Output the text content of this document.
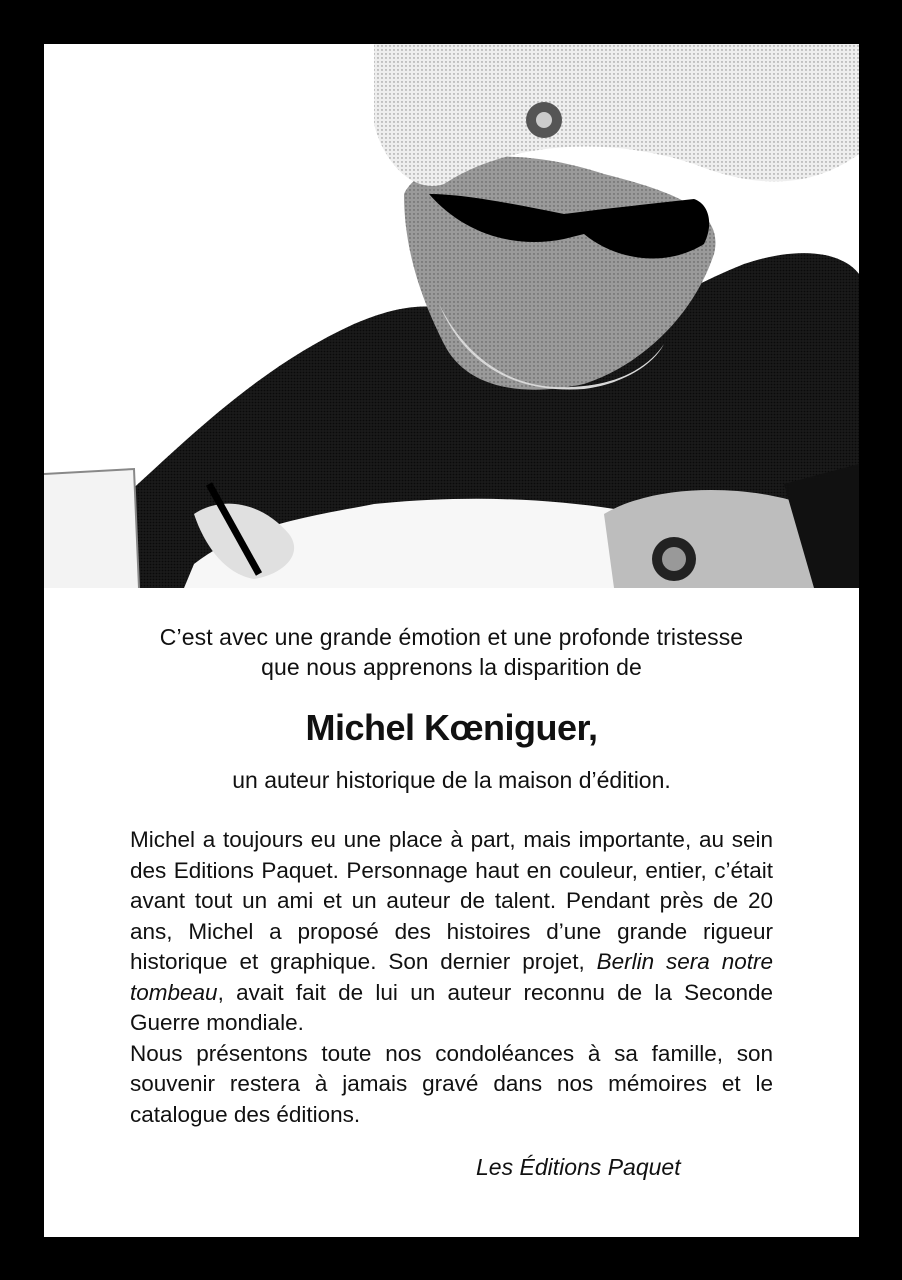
C’est avec une grande émotion et une profonde tristesse

que nous apprenons la disparition de

Michel Kœniguer,

un auteur historique de la maison d’édition.

Michel a toujours eu une place à part, mais importante, au sein des Editions Paquet. Personnage haut en couleur, entier, c’était avant tout un ami et un auteur de talent. Pendant près de 20 ans, Michel a proposé des histoires d’une grande rigueur historique et graphique. Son dernier projet, Berlin sera notre tombeau, avait fait de lui un auteur reconnu de la Seconde Guerre mondiale.

Nous présentons toute nos condoléances à sa famille, son souvenir restera à jamais gravé dans nos mémoires et le catalogue des éditions.

Les Éditions Paquet
